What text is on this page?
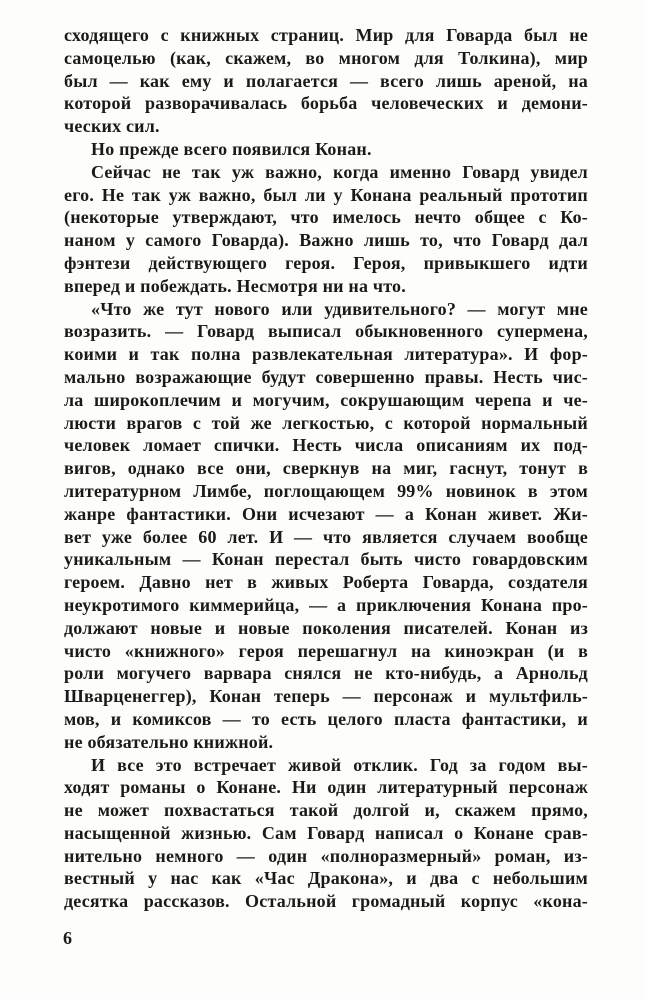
сходящего с книжных страниц. Мир для Говарда был не
самоцелью (как, скажем, во многом для Толкина), мир
был — как ему и полагается — всего лишь ареной, на
которой разворачивалась борьба человеческих и демони-
ческих сил.
Но прежде всего появился Конан.
Сейчас не так уж важно, когда именно Говард увидел
его. Не так уж важно, был ли у Конана реальный прототип
(некоторые утверждают, что имелось нечто общее с Ко-
наном у самого Говарда). Важно лишь то, что Говард дал
фэнтези действующего героя. Героя, привыкшего идти
вперед и побеждать. Несмотря ни на что.
«Что же тут нового или удивительного? — могут мне
возразить. — Говард выписал обыкновенного супермена,
коими и так полна развлекательная литература». И фор-
мально возражающие будут совершенно правы. Несть чис-
ла широкоплечим и могучим, сокрушающим черепа и че-
люсти врагов с той же легкостью, с которой нормальный
человек ломает спички. Несть числа описаниям их под-
вигов, однако все они, сверкнув на миг, гаснут, тонут в
литературном Лимбе, поглощающем 99% новинок в этом
жанре фантастики. Они исчезают — а Конан живет. Жи-
вет уже более 60 лет. И — что является случаем вообще
уникальным — Конан перестал быть чисто говардовским
героем. Давно нет в живых Роберта Говарда, создателя
неукротимого киммерийца, — а приключения Конана про-
должают новые и новые поколения писателей. Конан из
чисто «книжного» героя перешагнул на киноэкран (и в
роли могучего варвара снялся не кто-нибудь, а Арнольд
Шварценеггер), Конан теперь — персонаж и мультфиль-
мов, и комиксов — то есть целого пласта фантастики, и
не обязательно книжной.
И все это встречает живой отклик. Год за годом вы-
ходят романы о Конане. Ни один литературный персонаж
не может похвастаться такой долгой и, скажем прямо,
насыщенной жизнью. Сам Говард написал о Конане срав-
нительно немного — один «полноразмерный» роман, из-
вестный у нас как «Час Дракона», и два с небольшим
десятка рассказов. Остальной громадный корпус «кона-
6
